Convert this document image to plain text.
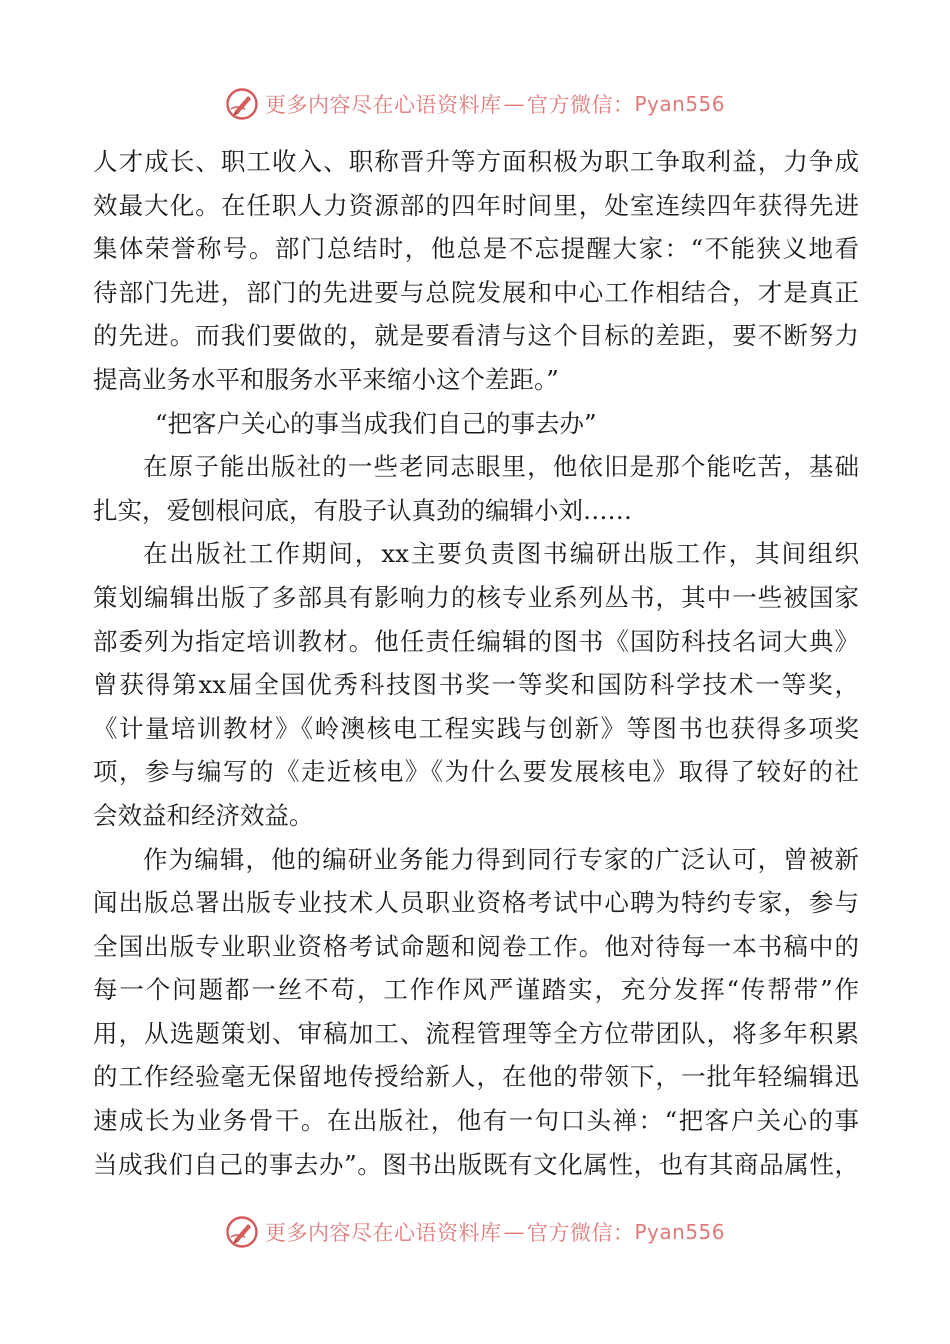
更多内容尽在心语资料库 — 官方微信： Pyan556
人才成长、职工收入、职称晋升等方面积极为职工争取利益，力争成
效最大化。在任职人力资源部的四年时间里，处室连续四年获得先进
集体荣誉称号。部门总结时，他总是不忘提醒大家：“不能狭义地看
待部门先进，部门的先进要与总院发展和中心工作相结合，才是真正
的先进。而我们要做的，就是要看清与这个目标的差距，要不断努力
提高业务水平和服务水平来缩小这个差距。”
“把客户关心的事当成我们自己的事去办”
在原子能出版社的一些老同志眼里，他依旧是那个能吃苦，基础
扎实，爱刨根问底，有股子认真劲的编辑小刘……
在出版社工作期间，xx主要负责图书编研出版工作，其间组织
策划编辑出版了多部具有影响力的核专业系列丛书，其中一些被国家
部委列为指定培训教材。他任责任编辑的图书《国防科技名词大典》
曾获得第xx届全国优秀科技图书奖一等奖和国防科学技术一等奖，
《计量培训教材》《岭澳核电工程实践与创新》等图书也获得多项奖
项，参与编写的《走近核电》《为什么要发展核电》取得了较好的社
会效益和经济效益。
作为编辑，他的编研业务能力得到同行专家的广泛认可，曾被新
闻出版总署出版专业技术人员职业资格考试中心聘为特约专家，参与
全国出版专业职业资格考试命题和阅卷工作。他对待每一本书稿中的
每一个问题都一丝不苟，工作作风严谨踏实，充分发挥“传帮带”作
用，从选题策划、审稿加工、流程管理等全方位带团队，将多年积累
的工作经验毫无保留地传授给新人，在他的带领下，一批年轻编辑迅
速成长为业务骨干。在出版社，他有一句口头禅：“把客户关心的事
当成我们自己的事去办”。图书出版既有文化属性，也有其商品属性，
更多内容尽在心语资料库 — 官方微信： Pyan556
